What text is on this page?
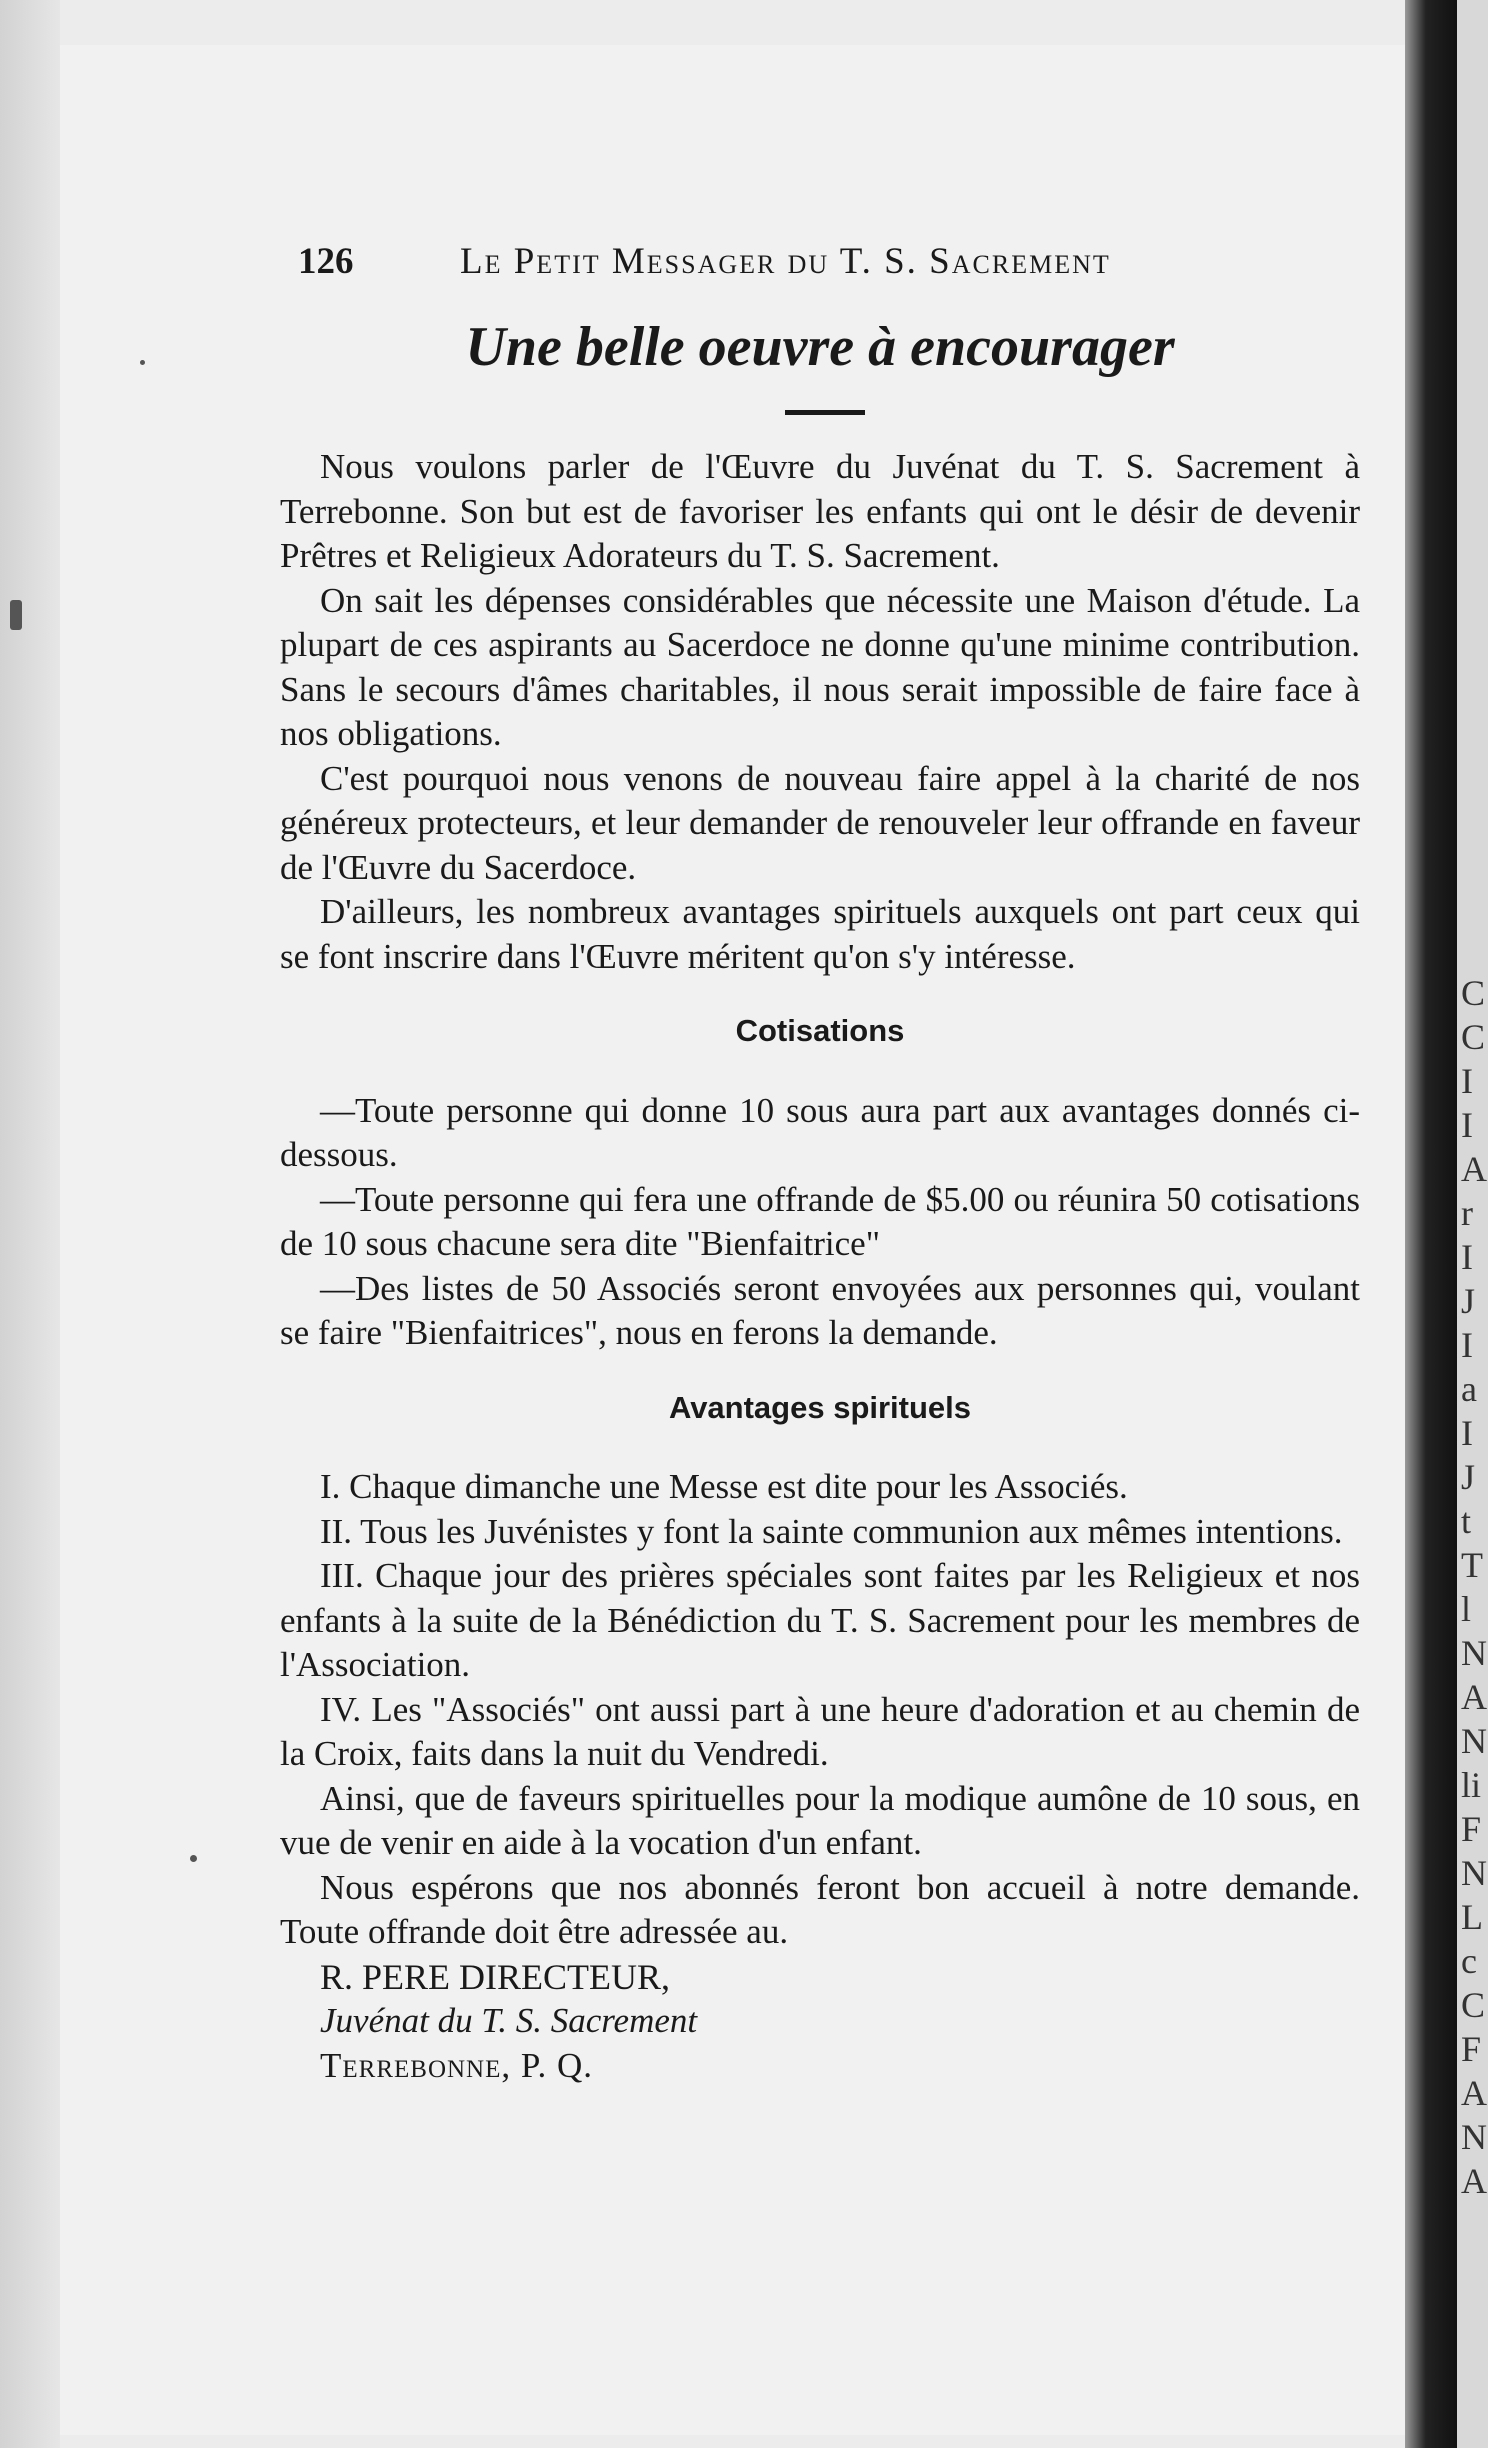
C
C
I
I
A
r
I
J
I
a
I
J
t
T
l
N
A
N
li
F
N
L
c
C
F
A
N
A
126	Le Petit Messager du T. S. Sacrement
Une belle oeuvre à encourager

Nous voulons parler de l'Œuvre du Juvénat du T. S. Sacrement à Terrebonne. Son but est de favoriser les enfants qui ont le désir de devenir Prêtres et Religieux Adorateurs du T. S. Sacrement.

On sait les dépenses considérables que nécessite une Maison d'étude. La plupart de ces aspirants au Sacerdoce ne donne qu'une minime contribution. Sans le secours d'âmes charitables, il nous serait impossible de faire face à nos obligations.

C'est pourquoi nous venons de nouveau faire appel à la charité de nos généreux protecteurs, et leur demander de renouveler leur offrande en faveur de l'Œuvre du Sacerdoce.

D'ailleurs, les nombreux avantages spirituels auxquels ont part ceux qui se font inscrire dans l'Œuvre méritent qu'on s'y intéresse.

Cotisations

—Toute personne qui donne 10 sous aura part aux avantages donnés ci-dessous.

—Toute personne qui fera une offrande de $5.00 ou réunira 50 cotisations de 10 sous chacune sera dite "Bienfaitrice"

—Des listes de 50 Associés seront envoyées aux personnes qui, voulant se faire "Bienfaitrices", nous en ferons la demande.

Avantages spirituels

I. Chaque dimanche une Messe est dite pour les Associés.

II. Tous les Juvénistes y font la sainte communion aux mêmes intentions.

III. Chaque jour des prières spéciales sont faites par les Religieux et nos enfants à la suite de la Bénédiction du T. S. Sacrement pour les membres de l'Association.

IV. Les "Associés" ont aussi part à une heure d'adoration et au chemin de la Croix, faits dans la nuit du Vendredi.

Ainsi, que de faveurs spirituelles pour la modique aumône de 10 sous, en vue de venir en aide à la vocation d'un enfant.

Nous espérons que nos abonnés feront bon accueil à notre demande. Toute offrande doit être adressée au.

R. PERE DIRECTEUR,

Juvénat du T. S. Sacrement

Terrebonne, P. Q.
